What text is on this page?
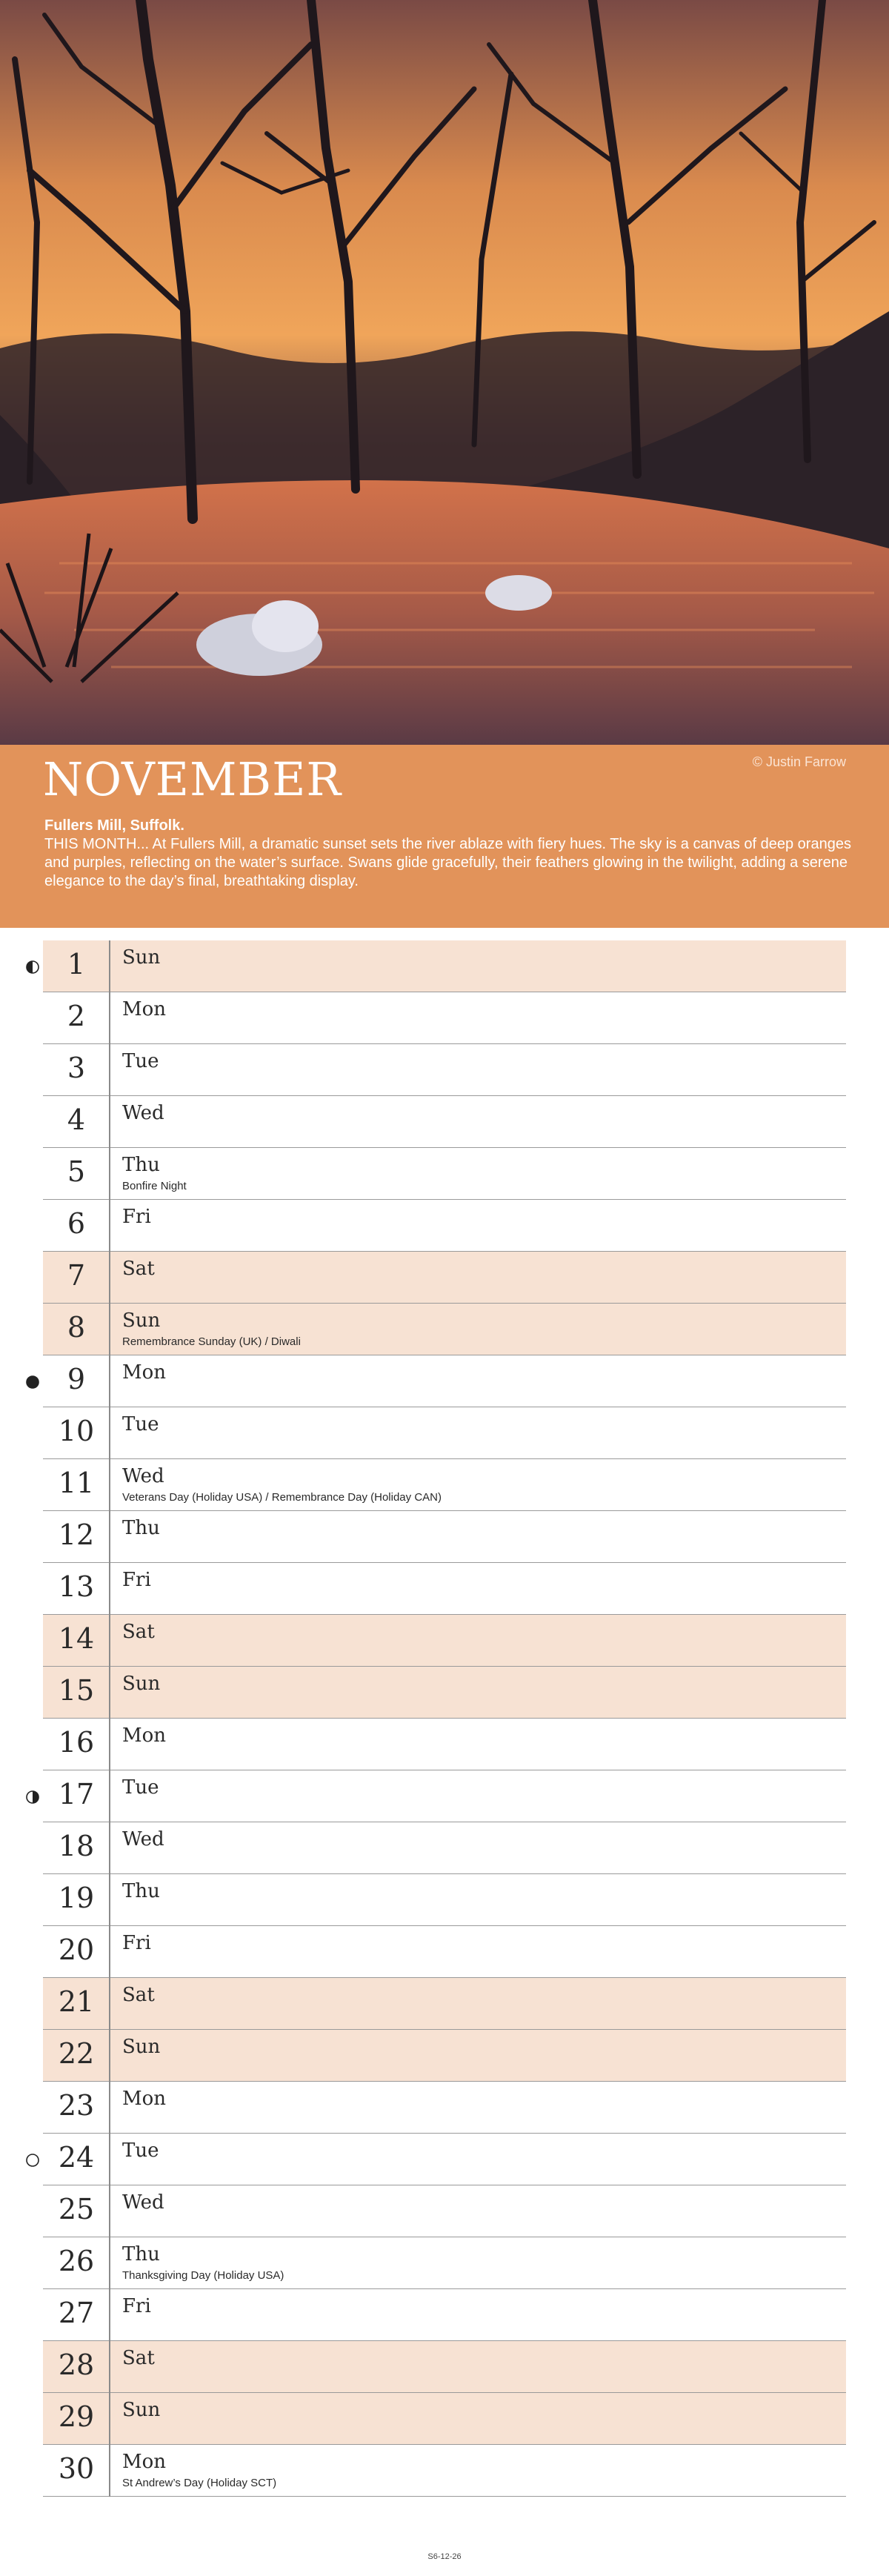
NOVEMBER	© Justin Farrow
Fullers Mill, Suffolk.
THIS MONTH... At Fullers Mill, a dramatic sunset sets the river ablaze with fiery hues. The sky is a canvas of deep oranges and purples, reflecting on the water’s surface. Swans glide gracefully, their feathers glowing in the twilight, adding a serene elegance to the day’s final, breathtaking display.
1	Sun
2	Mon
3	Tue
4	Wed
5	Thu
Bonfire Night
6	Fri
7	Sat
8	Sun
Remembrance Sunday (UK) / Diwali
9	Mon
10	Tue
11	Wed
Veterans Day (Holiday USA) / Remembrance Day (Holiday CAN)
12	Thu
13	Fri
14	Sat
15	Sun
16	Mon
17	Tue
18	Wed
19	Thu
20	Fri
21	Sat
22	Sun
23	Mon
24	Tue
25	Wed
26	Thu
Thanksgiving Day (Holiday USA)
27	Fri
28	Sat
29	Sun
30	Mon
St Andrew’s Day (Holiday SCT)
S6-12-26
